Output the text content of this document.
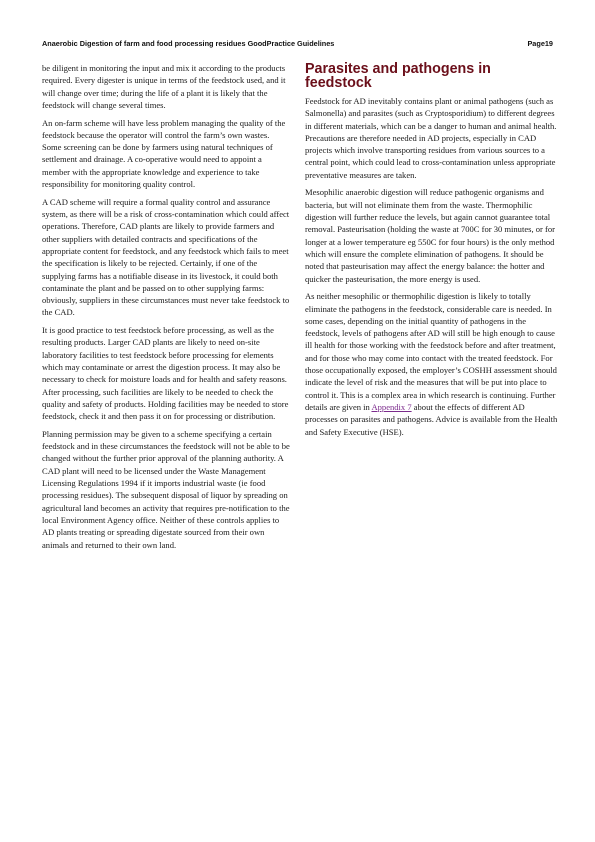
Anaerobic Digestion of farm and food processing residues GoodPractice Guidelines	Page19

be diligent in monitoring the input and mix it according to the products required. Every digester is unique in terms of the feedstock used, and it will change over time; during the life of a plant it is likely that the feedstock will change several times.

An on-farm scheme will have less problem managing the quality of the feedstock because the operator will control the farm’s own wastes. Some screening can be done by farmers using natural techniques of settlement and drainage. A co-operative would need to appoint a member with the appropriate knowledge and experience to take responsibility for monitoring quality control.

A CAD scheme will require a formal quality control and assurance system, as there will be a risk of cross-contamination which could affect operations. Therefore, CAD plants are likely to provide farmers and other suppliers with detailed contracts and specifications of the appropriate content for feedstock, and any feedstock which fails to meet the specification is likely to be rejected. Certainly, if one of the supplying farms has a notifiable disease in its livestock, it could both contaminate the plant and be passed on to other supplying farms: obviously, suppliers in these circumstances must never take feedstock to the CAD.

It is good practice to test feedstock before processing, as well as the resulting products. Larger CAD plants are likely to need on-site laboratory facilities to test feedstock before processing for elements which may contaminate or arrest the digestion process. It may also be necessary to check for moisture loads and for health and safety reasons. After processing, such facilities are likely to be needed to check the quality and safety of products. Holding facilities may be needed to store feedstock, check it and then pass it on for processing or distribution.

Planning permission may be given to a scheme specifying a certain feedstock and in these circumstances the feedstock will not be able to be changed without the further prior approval of the planning authority. A CAD plant will need to be licensed under the Waste Management Licensing Regulations 1994 if it imports industrial waste (ie food processing residues). The subsequent disposal of liquor by spreading on agricultural land becomes an activity that requires pre-notification to the local Environment Agency office. Neither of these controls applies to AD plants treating or spreading digestate sourced from their own animals and returned to their own land.

Parasites and pathogens in feedstock

Feedstock for AD inevitably contains plant or animal pathogens (such as Salmonella) and parasites (such as Cryptosporidium) to different degrees in different materials, which can be a danger to human and animal health. Precautions are therefore needed in AD projects, especially in CAD projects which involve transporting residues from various sources to a central point, which could lead to cross-contamination unless appropriate preventative measures are taken.

Mesophilic anaerobic digestion will reduce pathogenic organisms and bacteria, but will not eliminate them from the waste. Thermophilic digestion will further reduce the levels, but again cannot guarantee total removal. Pasteurisation (holding the waste at 700C for 30 minutes, or for longer at a lower temperature eg 550C for four hours) is the only method which will ensure the complete elimination of pathogens. It should be noted that pasteurisation may affect the energy balance: the hotter and quicker the pasteurisation, the more energy is used.

As neither mesophilic or thermophilic digestion is likely to totally eliminate the pathogens in the feedstock, considerable care is needed. In some cases, depending on the initial quantity of pathogens in the feedstock, levels of pathogens after AD will still be high enough to cause ill health for those working with the feedstock before and after treatment, and for those who may come into contact with the treated feedstock. For those occupationally exposed, the employer’s COSHH assessment should indicate the level of risk and the measures that will be put into place to control it. This is a complex area in which research is continuing. Further details are given in Appendix 7 about the effects of different AD processes on parasites and pathogens. Advice is available from the Health and Safety Executive (HSE).
